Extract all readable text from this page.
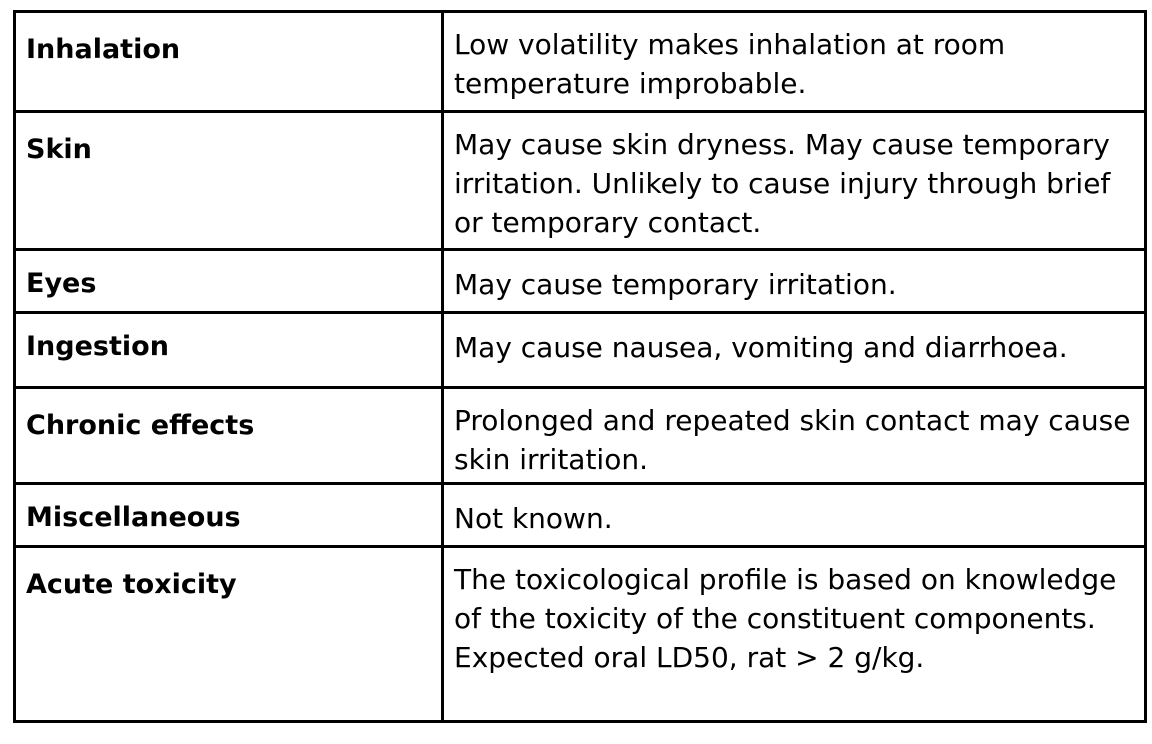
Inhalation	Low volatility makes inhalation at room temperature improbable.
Skin	May cause skin dryness. May cause temporary irritation. Unlikely to cause injury through brief or temporary contact.
Eyes	May cause temporary irritation.
Ingestion	May cause nausea, vomiting and diarrhoea.
Chronic effects	Prolonged and repeated skin contact may cause skin irritation.
Miscellaneous	Not known.
Acute toxicity	The toxicological profile is based on knowledge of the toxicity of the constituent components. Expected oral LD50, rat > 2 g/kg.
